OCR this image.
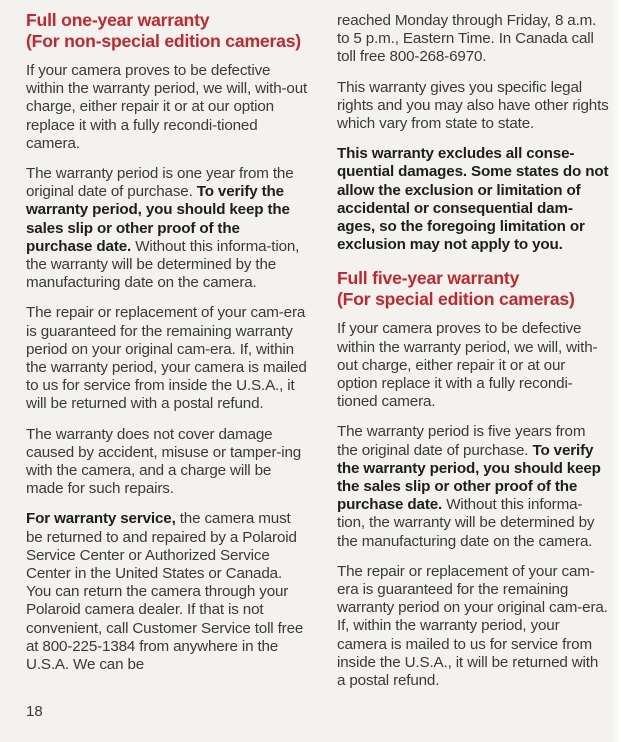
Full one-year warranty
(For non-special edition cameras)

If your camera proves to be defective within the warranty period, we will, with-out charge, either repair it or at our option replace it with a fully recondi-tioned camera.

The warranty period is one year from the original date of purchase. To verify the warranty period, you should keep the sales slip or other proof of the purchase date. Without this informa-tion, the warranty will be determined by the manufacturing date on the camera.

The repair or replacement of your cam-era is guaranteed for the remaining warranty period on your original cam-era. If, within the warranty period, your camera is mailed to us for service from inside the U.S.A., it will be returned with a postal refund.

The warranty does not cover damage caused by accident, misuse or tamper-ing with the camera, and a charge will be made for such repairs.

For warranty service, the camera must be returned to and repaired by a Polaroid Service Center or Authorized Service Center in the United States or Canada. You can return the camera through your Polaroid camera dealer. If that is not convenient, call Customer Service toll free at 800-225-1384 from anywhere in the U.S.A. We can be

reached Monday through Friday, 8 a.m. to 5 p.m., Eastern Time. In Canada call toll free 800-268-6970.

This warranty gives you specific legal rights and you may also have other rights which vary from state to state.

This warranty excludes all conse-quential damages. Some states do not allow the exclusion or limitation of accidental or consequential dam-ages, so the foregoing limitation or exclusion may not apply to you.

Full five-year warranty
(For special edition cameras)

If your camera proves to be defective within the warranty period, we will, with-out charge, either repair it or at our option replace it with a fully recondi-tioned camera.

The warranty period is five years from the original date of purchase. To verify the warranty period, you should keep the sales slip or other proof of the purchase date. Without this informa-tion, the warranty will be determined by the manufacturing date on the camera.

The repair or replacement of your cam-era is guaranteed for the remaining warranty period on your original cam-era. If, within the warranty period, your camera is mailed to us for service from inside the U.S.A., it will be returned with a postal refund.

18
